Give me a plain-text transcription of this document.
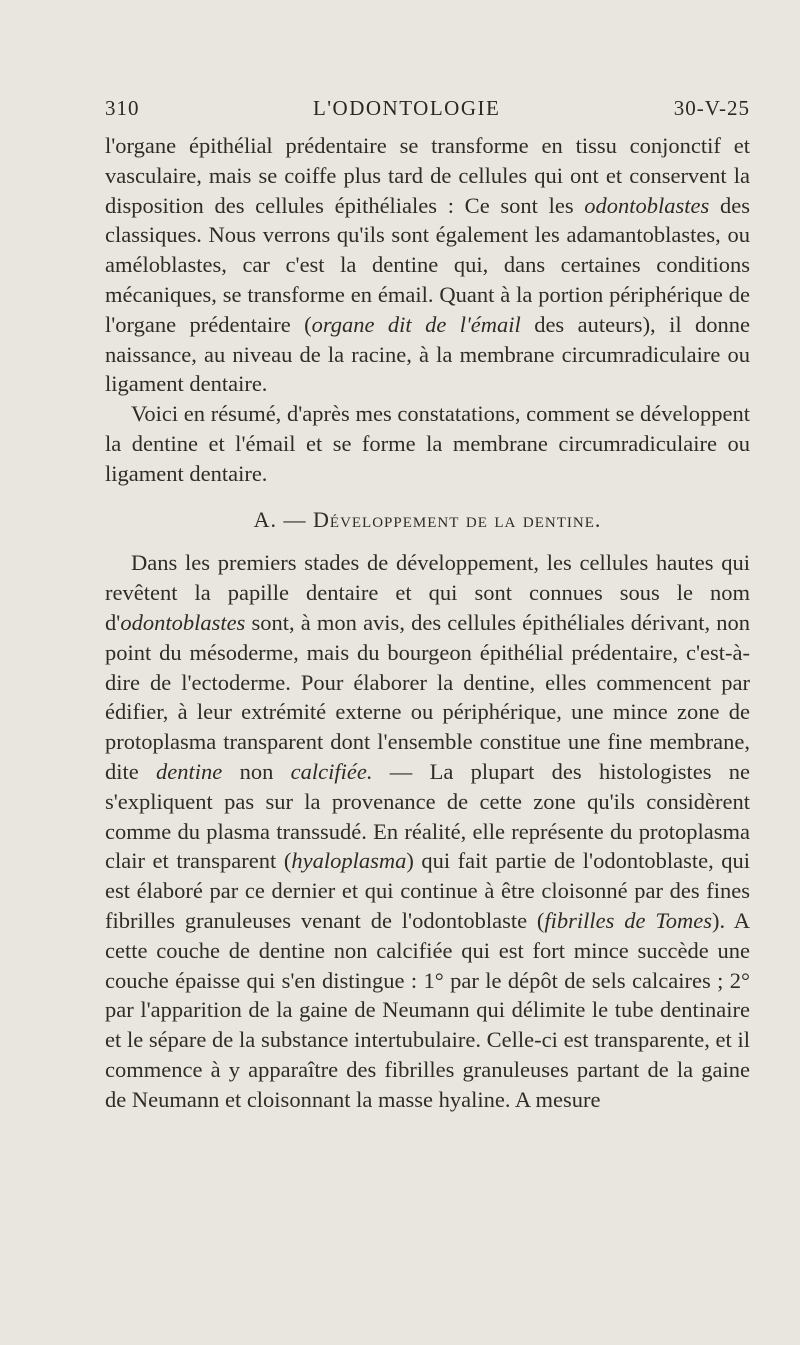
310	L'ODONTOLOGIE	30-V-25

l'organe épithélial prédentaire se transforme en tissu conjonctif et vasculaire, mais se coiffe plus tard de cellules qui ont et conservent la disposition des cellules épithéliales : Ce sont les odontoblastes des classiques. Nous verrons qu'ils sont également les adamantoblastes, ou améloblastes, car c'est la dentine qui, dans certaines conditions mécaniques, se transforme en émail. Quant à la portion périphérique de l'organe prédentaire (organe dit de l'émail des auteurs), il donne naissance, au niveau de la racine, à la membrane circumradiculaire ou ligament dentaire.

Voici en résumé, d'après mes constatations, comment se développent la dentine et l'émail et se forme la membrane circumradiculaire ou ligament dentaire.

A. — Développement de la dentine.

Dans les premiers stades de développement, les cellules hautes qui revêtent la papille dentaire et qui sont connues sous le nom d'odontoblastes sont, à mon avis, des cellules épithéliales dérivant, non point du mésoderme, mais du bourgeon épithélial prédentaire, c'est-à-dire de l'ectoderme. Pour élaborer la dentine, elles commencent par édifier, à leur extrémité externe ou périphérique, une mince zone de protoplasma transparent dont l'ensemble constitue une fine membrane, dite dentine non calcifiée. — La plupart des histologistes ne s'expliquent pas sur la provenance de cette zone qu'ils considèrent comme du plasma transsudé. En réalité, elle représente du protoplasma clair et transparent (hyaloplasma) qui fait partie de l'odontoblaste, qui est élaboré par ce dernier et qui continue à être cloisonné par des fines fibrilles granuleuses venant de l'odontoblaste (fibrilles de Tomes). A cette couche de dentine non calcifiée qui est fort mince succède une couche épaisse qui s'en distingue : 1° par le dépôt de sels calcaires ; 2° par l'apparition de la gaine de Neumann qui délimite le tube dentinaire et le sépare de la substance intertubulaire. Celle-ci est transparente, et il commence à y apparaître des fibrilles granuleuses partant de la gaine de Neumann et cloisonnant la masse hyaline. A mesure
